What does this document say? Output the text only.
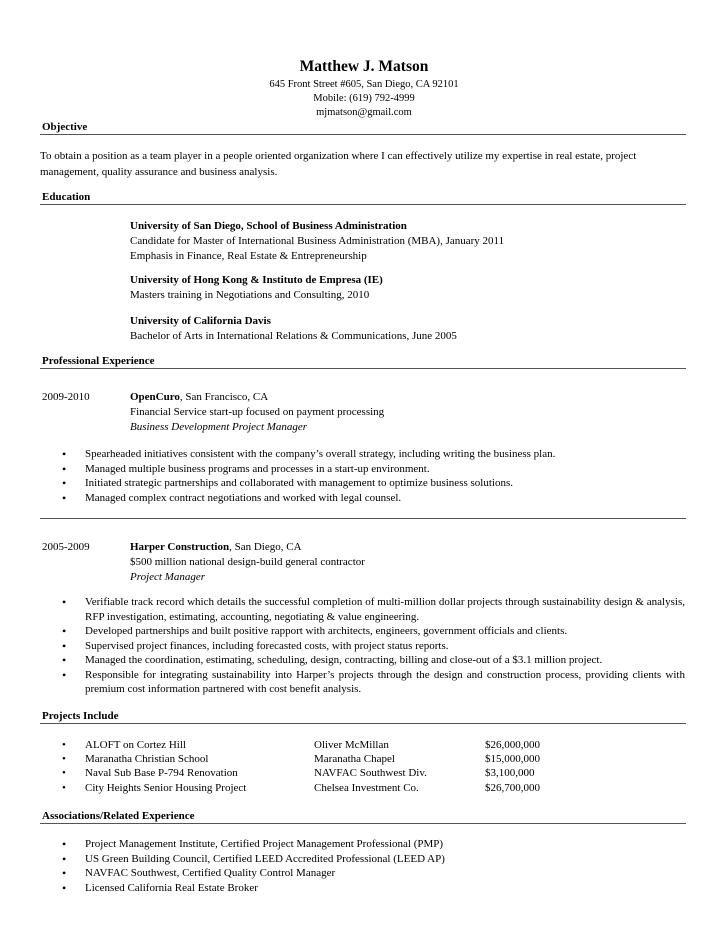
Matthew J. Matson
645 Front Street #605, San Diego, CA 92101
Mobile: (619) 792-4999
mjmatson@gmail.com
Objective
To obtain a position as a team player in a people oriented organization where I can effectively utilize my expertise in real estate, project management, quality assurance and business analysis.
Education
University of San Diego, School of Business Administration
Candidate for Master of International Business Administration (MBA), January 2011
Emphasis in Finance, Real Estate & Entrepreneurship
University of Hong Kong & Instituto de Empresa (IE)
Masters training in Negotiations and Consulting, 2010
University of California Davis
Bachelor of Arts in International Relations & Communications, June 2005
Professional Experience
2009-2010	OpenCuro, San Francisco, CA
Financial Service start-up focused on payment processing
Business Development Project Manager
• Spearheaded initiatives consistent with the company’s overall strategy, including writing the business plan.
• Managed multiple business programs and processes in a start-up environment.
• Initiated strategic partnerships and collaborated with management to optimize business solutions.
• Managed complex contract negotiations and worked with legal counsel.
2005-2009	Harper Construction, San Diego, CA
$500 million national design-build general contractor
Project Manager
• Verifiable track record which details the successful completion of multi-million dollar projects through sustainability design & analysis, RFP investigation, estimating, accounting, negotiating & value engineering.
• Developed partnerships and built positive rapport with architects, engineers, government officials and clients.
• Supervised project finances, including forecasted costs, with project status reports.
• Managed the coordination, estimating, scheduling, design, contracting, billing and close-out of a $3.1 million project.
• Responsible for integrating sustainability into Harper’s projects through the design and construction process, providing clients with premium cost information partnered with cost benefit analysis.
Projects Include
• ALOFT on Cortez Hill	Oliver McMillan	$26,000,000
• Maranatha Christian School	Maranatha Chapel	$15,000,000
• Naval Sub Base P-794 Renovation	NAVFAC Southwest Div.	$3,100,000
• City Heights Senior Housing Project	Chelsea Investment Co.	$26,700,000
Associations/Related Experience
• Project Management Institute, Certified Project Management Professional (PMP)
• US Green Building Council, Certified LEED Accredited Professional (LEED AP)
• NAVFAC Southwest, Certified Quality Control Manager
• Licensed California Real Estate Broker
